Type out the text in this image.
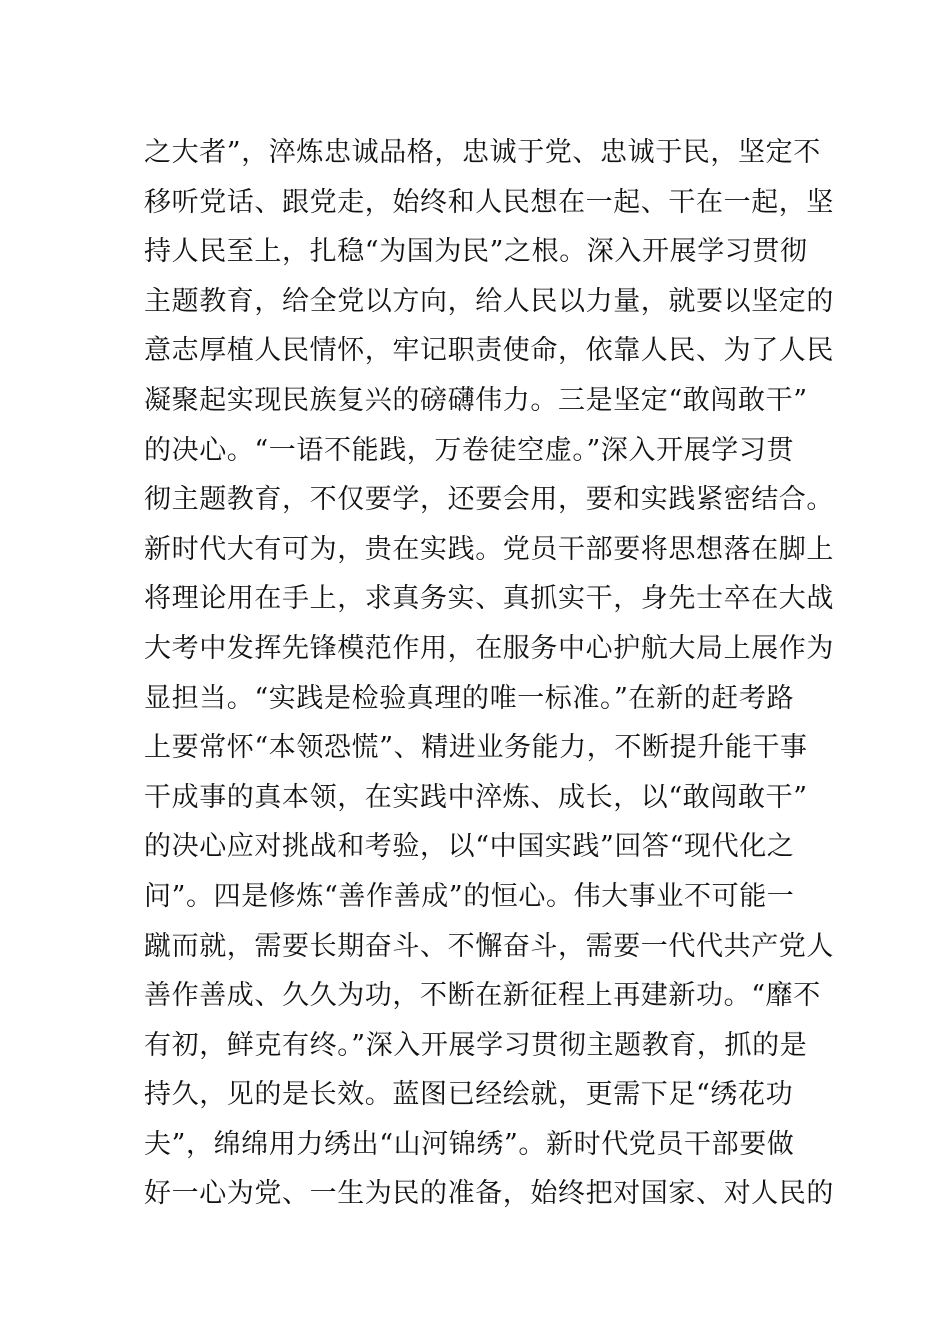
之大者”，淬炼忠诚品格，忠诚于党、忠诚于民，坚定不
移听党话、跟党走，始终和人民想在一起、干在一起，坚
持人民至上，扎稳“为国为民”之根。深入开展学习贯彻
主题教育，给全党以方向，给人民以力量，就要以坚定的
意志厚植人民情怀，牢记职责使命，依靠人民、为了人民
凝聚起实现民族复兴的磅礴伟力。三是坚定“敢闯敢干”
的决心。“一语不能践，万卷徒空虚。”深入开展学习贯
彻主题教育，不仅要学，还要会用，要和实践紧密结合。
新时代大有可为，贵在实践。党员干部要将思想落在脚上
将理论用在手上，求真务实、真抓实干，身先士卒在大战
大考中发挥先锋模范作用，在服务中心护航大局上展作为
显担当。“实践是检验真理的唯一标准。”在新的赶考路
上要常怀“本领恐慌”、精进业务能力，不断提升能干事
干成事的真本领，在实践中淬炼、成长，以“敢闯敢干”
的决心应对挑战和考验，以“中国实践”回答“现代化之
问”。四是修炼“善作善成”的恒心。伟大事业不可能一
蹴而就，需要长期奋斗、不懈奋斗，需要一代代共产党人
善作善成、久久为功，不断在新征程上再建新功。“靡不
有初，鲜克有终。”深入开展学习贯彻主题教育，抓的是
持久，见的是长效。蓝图已经绘就，更需下足“绣花功
夫”，绵绵用力绣出“山河锦绣”。新时代党员干部要做
好一心为党、一生为民的准备，始终把对国家、对人民的
